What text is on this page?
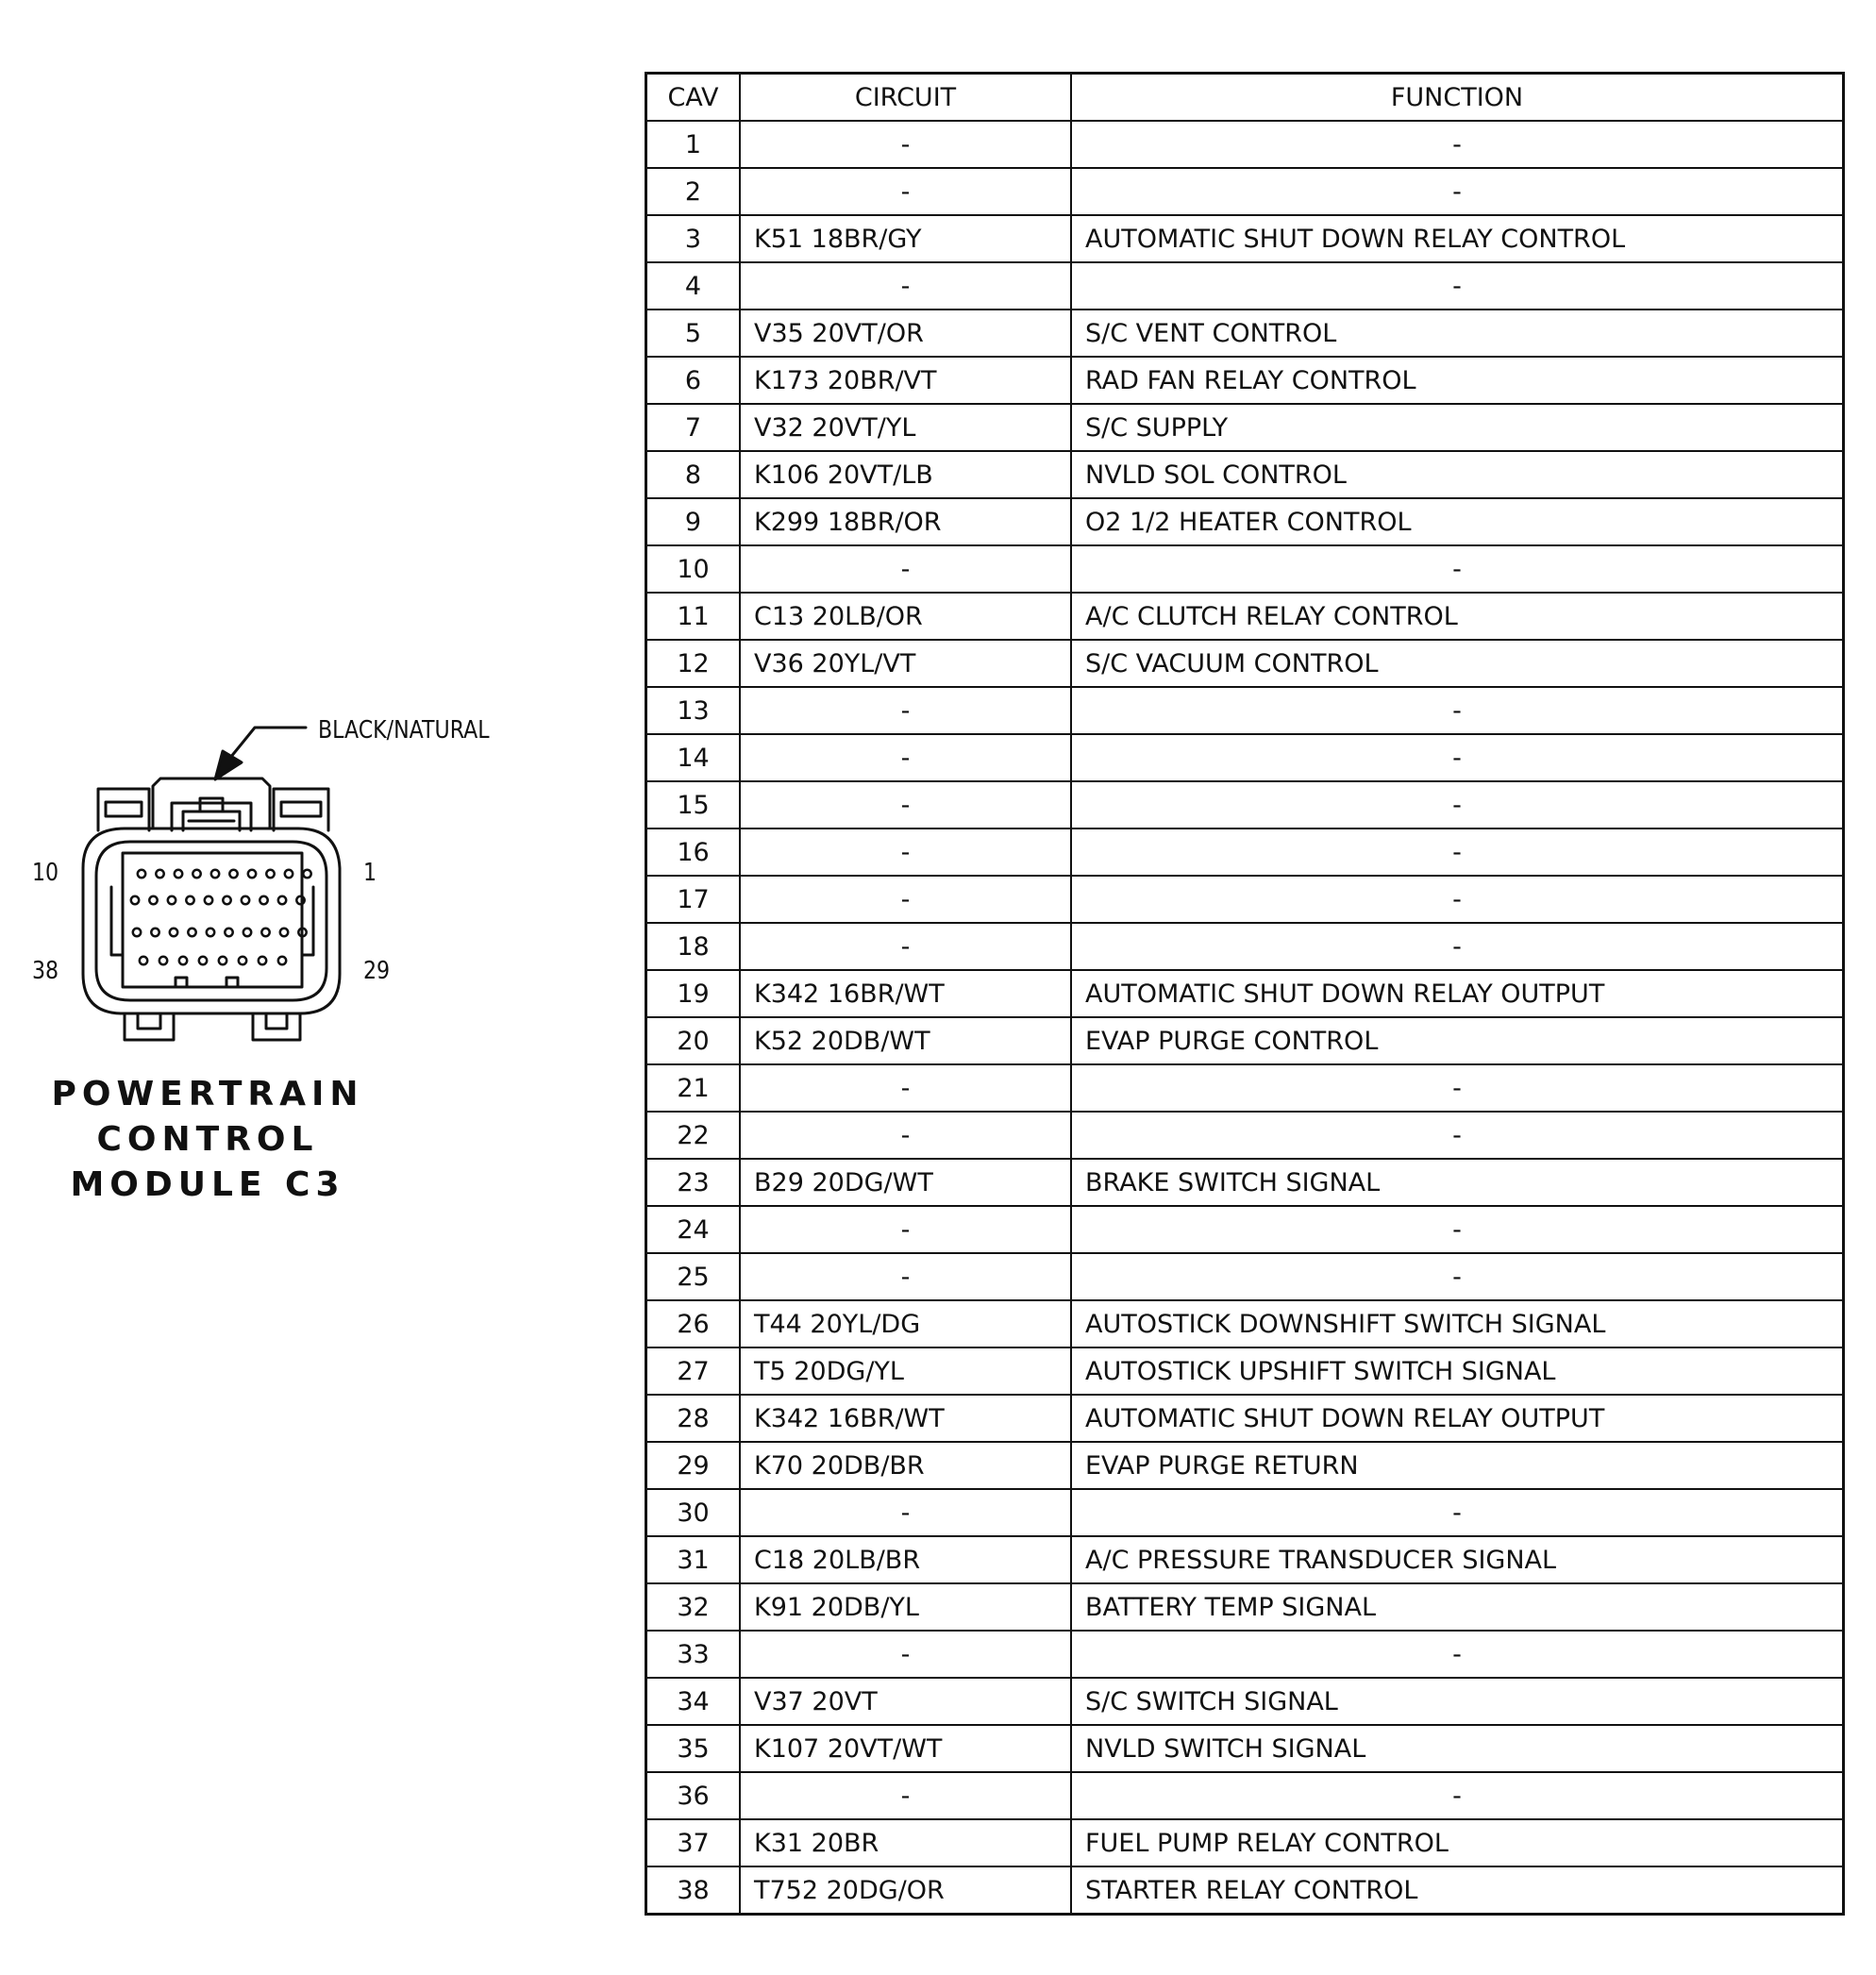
BLACK/NATURAL
10	1
38	29
POWERTRAIN
CONTROL
MODULE C3
CAV	CIRCUIT	FUNCTION
1	-	-
2	-	-
3	K51 18BR/GY	AUTOMATIC SHUT DOWN RELAY CONTROL
4	-	-
5	V35 20VT/OR	S/C VENT CONTROL
6	K173 20BR/VT	RAD FAN RELAY CONTROL
7	V32 20VT/YL	S/C SUPPLY
8	K106 20VT/LB	NVLD SOL CONTROL
9	K299 18BR/OR	O2 1/2 HEATER CONTROL
10	-	-
11	C13 20LB/OR	A/C CLUTCH RELAY CONTROL
12	V36 20YL/VT	S/C VACUUM CONTROL
13	-	-
14	-	-
15	-	-
16	-	-
17	-	-
18	-	-
19	K342 16BR/WT	AUTOMATIC SHUT DOWN RELAY OUTPUT
20	K52 20DB/WT	EVAP PURGE CONTROL
21	-	-
22	-	-
23	B29 20DG/WT	BRAKE SWITCH SIGNAL
24	-	-
25	-	-
26	T44 20YL/DG	AUTOSTICK DOWNSHIFT SWITCH SIGNAL
27	T5 20DG/YL	AUTOSTICK UPSHIFT SWITCH SIGNAL
28	K342 16BR/WT	AUTOMATIC SHUT DOWN RELAY OUTPUT
29	K70 20DB/BR	EVAP PURGE RETURN
30	-	-
31	C18 20LB/BR	A/C PRESSURE TRANSDUCER SIGNAL
32	K91 20DB/YL	BATTERY TEMP SIGNAL
33	-	-
34	V37 20VT	S/C SWITCH SIGNAL
35	K107 20VT/WT	NVLD SWITCH SIGNAL
36	-	-
37	K31 20BR	FUEL PUMP RELAY CONTROL
38	T752 20DG/OR	STARTER RELAY CONTROL
